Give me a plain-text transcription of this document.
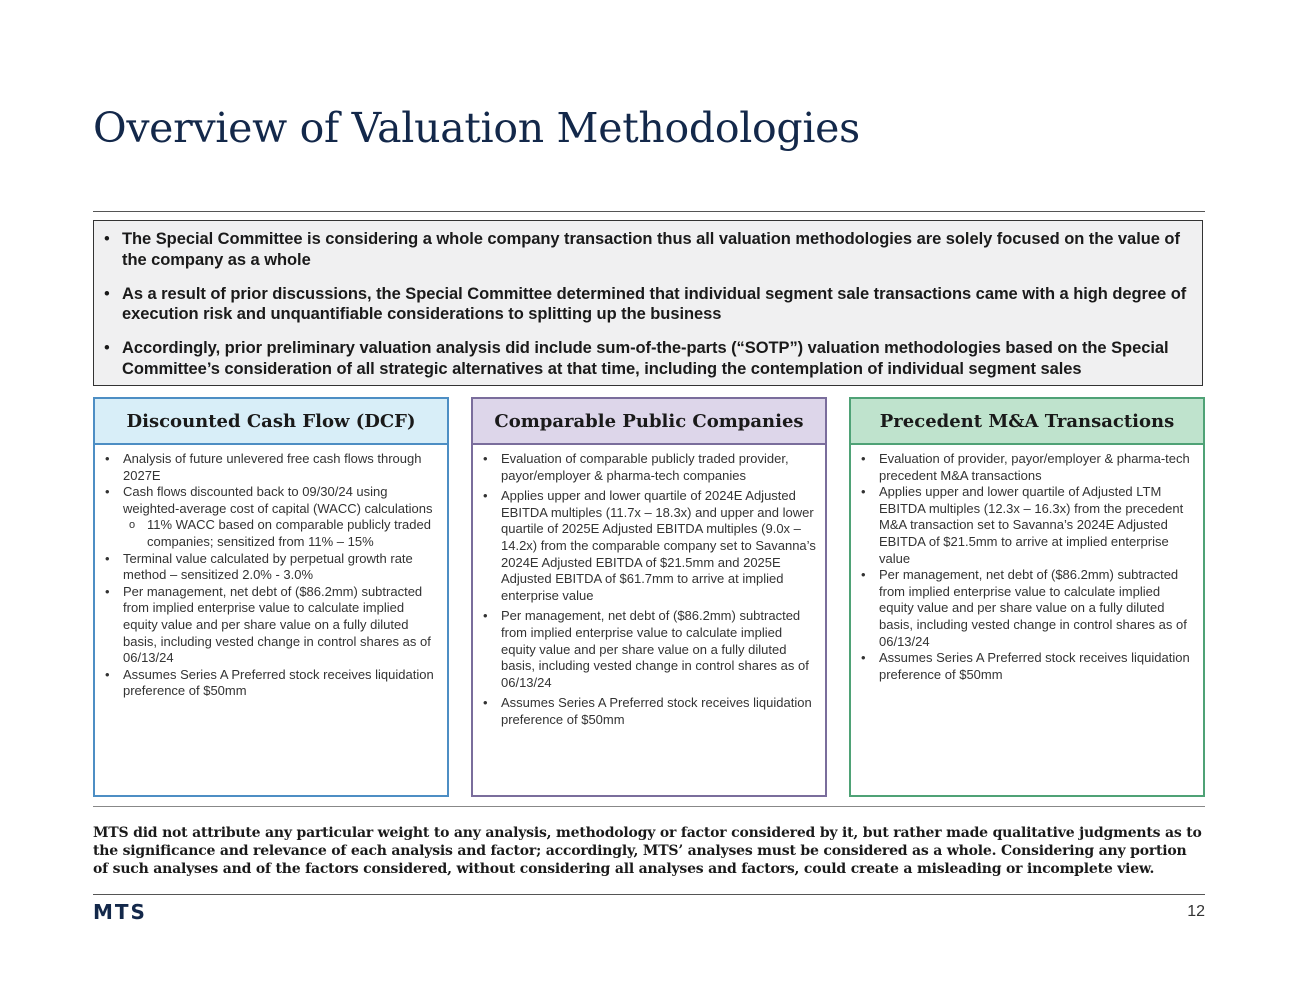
Overview of Valuation Methodologies
• The Special Committee is considering a whole company transaction thus all valuation methodologies are solely focused on the value of the company as a whole
• As a result of prior discussions, the Special Committee determined that individual segment sale transactions came with a high degree of execution risk and unquantifiable considerations to splitting up the business
• Accordingly, prior preliminary valuation analysis did include sum-of-the-parts (“SOTP”) valuation methodologies based on the Special Committee’s consideration of all strategic alternatives at that time, including the contemplation of individual segment sales
Discounted Cash Flow (DCF)
• Analysis of future unlevered free cash flows through 2027E
• Cash flows discounted back to 09/30/24 using weighted-average cost of capital (WACC) calculations
o 11% WACC based on comparable publicly traded companies; sensitized from 11% – 15%
• Terminal value calculated by perpetual growth rate method – sensitized 2.0% - 3.0%
• Per management, net debt of ($86.2mm) subtracted from implied enterprise value to calculate implied equity value and per share value on a fully diluted basis, including vested change in control shares as of 06/13/24
• Assumes Series A Preferred stock receives liquidation preference of $50mm
Comparable Public Companies
• Evaluation of comparable publicly traded provider, payor/employer & pharma-tech companies
• Applies upper and lower quartile of 2024E Adjusted EBITDA multiples (11.7x – 18.3x) and upper and lower quartile of 2025E Adjusted EBITDA multiples (9.0x – 14.2x) from the comparable company set to Savanna’s 2024E Adjusted EBITDA of $21.5mm and 2025E Adjusted EBITDA of $61.7mm to arrive at implied enterprise value
• Per management, net debt of ($86.2mm) subtracted from implied enterprise value to calculate implied equity value and per share value on a fully diluted basis, including vested change in control shares as of 06/13/24
• Assumes Series A Preferred stock receives liquidation preference of $50mm
Precedent M&A Transactions
• Evaluation of provider, payor/employer & pharma-tech precedent M&A transactions
• Applies upper and lower quartile of Adjusted LTM EBITDA multiples (12.3x – 16.3x) from the precedent M&A transaction set to Savanna’s 2024E Adjusted EBITDA of $21.5mm to arrive at implied enterprise value
• Per management, net debt of ($86.2mm) subtracted from implied enterprise value to calculate implied equity value and per share value on a fully diluted basis, including vested change in control shares as of 06/13/24
• Assumes Series A Preferred stock receives liquidation preference of $50mm
MTS did not attribute any particular weight to any analysis, methodology or factor considered by it, but rather made qualitative judgments as to the significance and relevance of each analysis and factor; accordingly, MTS’ analyses must be considered as a whole. Considering any portion of such analyses and of the factors considered, without considering all analyses and factors, could create a misleading or incomplete view.
MTS	12
